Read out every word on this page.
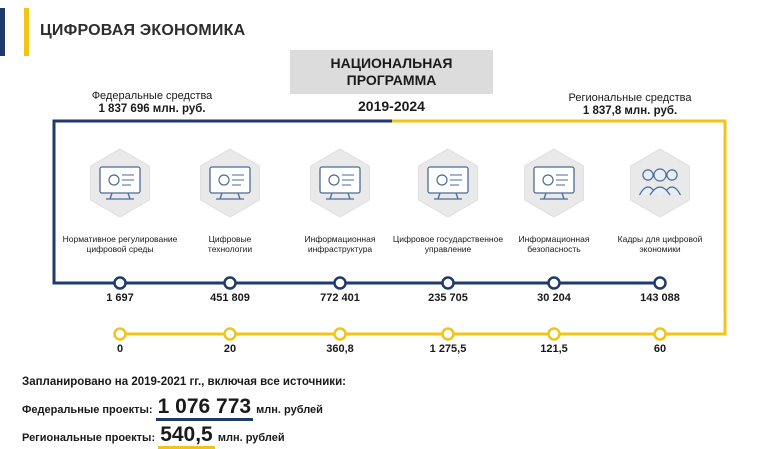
ЦИФРОВАЯ ЭКОНОМИКА
НАЦИОНАЛЬНАЯ
ПРОГРАММА
2019-2024
Федеральные средства
1 837 696 млн. руб.
Региональные средства
1 837,8 млн. руб.
Нормативное регулирование
цифровой среды
1 697
0
Цифровые
технологии
451 809
20
Информационная
инфраструктура
772 401
360,8
Цифровое государственное
управление
235 705
1 275,5
Информационная
безопасность
30 204
121,5
Кадры для цифровой
экономики
143 088
60
Запланировано на 2019-2021 гг., включая все источники:
Федеральные проекты: 1 076 773 млн. рублей
Региональные проекты: 540,5 млн. рублей
